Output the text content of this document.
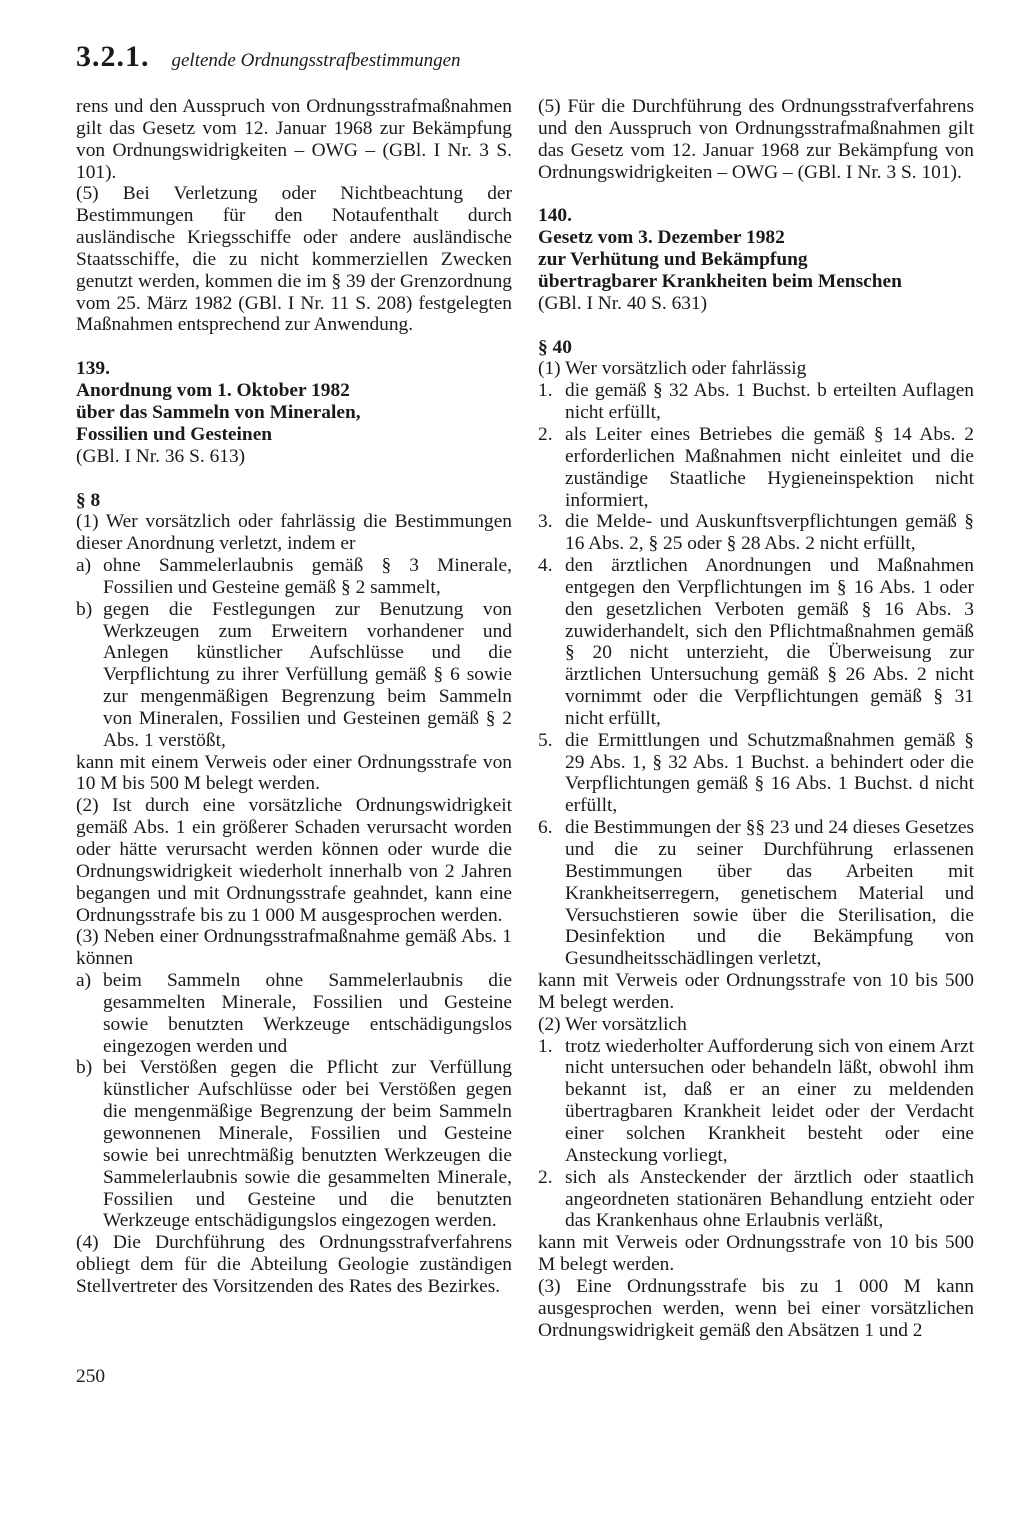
3.2.1. geltende Ordnungsstrafbestimmungen

rens und den Ausspruch von Ordnungsstrafmaßnahmen gilt das Gesetz vom 12. Januar 1968 zur Bekämpfung von Ordnungswidrigkeiten – OWG – (GBl. I Nr. 3 S. 101).

(5) Bei Verletzung oder Nichtbeachtung der Bestimmungen für den Notaufenthalt durch ausländische Kriegsschiffe oder andere ausländische Staatsschiffe, die zu nicht kommerziellen Zwecken genutzt werden, kommen die im § 39 der Grenzordnung vom 25. März 1982 (GBl. I Nr. 11 S. 208) festgelegten Maßnahmen entsprechend zur Anwendung.

139.
Anordnung vom 1. Oktober 1982
über das Sammeln von Mineralen,
Fossilien und Gesteinen
(GBl. I Nr. 36 S. 613)
§ 8

(1) Wer vorsätzlich oder fahrlässig die Bestimmungen dieser Anordnung verletzt, indem er

a) ohne Sammelerlaubnis gemäß § 3 Minerale, Fossilien und Gesteine gemäß § 2 sammelt,
b) gegen die Festlegungen zur Benutzung von Werkzeugen zum Erweitern vorhandener und Anlegen künstlicher Aufschlüsse und die Verpflichtung zu ihrer Verfüllung gemäß § 6 sowie zur mengenmäßigen Begrenzung beim Sammeln von Mineralen, Fossilien und Gesteinen gemäß § 2 Abs. 1 verstößt,

kann mit einem Verweis oder einer Ordnungsstrafe von 10 M bis 500 M belegt werden.

(2) Ist durch eine vorsätzliche Ordnungswidrigkeit gemäß Abs. 1 ein größerer Schaden verursacht worden oder hätte verursacht werden können oder wurde die Ordnungswidrigkeit wiederholt innerhalb von 2 Jahren begangen und mit Ordnungsstrafe geahndet, kann eine Ordnungsstrafe bis zu 1 000 M ausgesprochen werden.

(3) Neben einer Ordnungsstrafmaßnahme gemäß Abs. 1 können

a) beim Sammeln ohne Sammelerlaubnis die gesammelten Minerale, Fossilien und Gesteine sowie benutzten Werkzeuge entschädigungslos eingezogen werden und
b) bei Verstößen gegen die Pflicht zur Verfüllung künstlicher Aufschlüsse oder bei Verstößen gegen die mengenmäßige Begrenzung der beim Sammeln gewonnenen Minerale, Fossilien und Gesteine sowie bei unrechtmäßig benutzten Werkzeugen die Sammelerlaubnis sowie die gesammelten Minerale, Fossilien und Gesteine und die benutzten Werkzeuge entschädigungslos eingezogen werden.

(4) Die Durchführung des Ordnungsstrafverfahrens obliegt dem für die Abteilung Geologie zuständigen Stellvertreter des Vorsitzenden des Rates des Bezirkes.

(5) Für die Durchführung des Ordnungsstrafverfahrens und den Ausspruch von Ordnungsstrafmaßnahmen gilt das Gesetz vom 12. Januar 1968 zur Bekämpfung von Ordnungswidrigkeiten – OWG – (GBl. I Nr. 3 S. 101).

140.
Gesetz vom 3. Dezember 1982
zur Verhütung und Bekämpfung
übertragbarer Krankheiten beim Menschen
(GBl. I Nr. 40 S. 631)
§ 40

(1) Wer vorsätzlich oder fahrlässig

1. die gemäß § 32 Abs. 1 Buchst. b erteilten Auflagen nicht erfüllt,
2. als Leiter eines Betriebes die gemäß § 14 Abs. 2 erforderlichen Maßnahmen nicht einleitet und die zuständige Staatliche Hygieneinspektion nicht informiert,
3. die Melde- und Auskunftsverpflichtungen gemäß § 16 Abs. 2, § 25 oder § 28 Abs. 2 nicht erfüllt,
4. den ärztlichen Anordnungen und Maßnahmen entgegen den Verpflichtungen im § 16 Abs. 1 oder den gesetzlichen Verboten gemäß § 16 Abs. 3 zuwiderhandelt, sich den Pflichtmaßnahmen gemäß § 20 nicht unterzieht, die Überweisung zur ärztlichen Untersuchung gemäß § 26 Abs. 2 nicht vornimmt oder die Verpflichtungen gemäß § 31 nicht erfüllt,
5. die Ermittlungen und Schutzmaßnahmen gemäß § 29 Abs. 1, § 32 Abs. 1 Buchst. a behindert oder die Verpflichtungen gemäß § 16 Abs. 1 Buchst. d nicht erfüllt,
6. die Bestimmungen der §§ 23 und 24 dieses Gesetzes und die zu seiner Durchführung erlassenen Bestimmungen über das Arbeiten mit Krankheitserregern, genetischem Material und Versuchstieren sowie über die Sterilisation, die Desinfektion und die Bekämpfung von Gesundheitsschädlingen verletzt,

kann mit Verweis oder Ordnungsstrafe von 10 bis 500 M belegt werden.

(2) Wer vorsätzlich

1. trotz wiederholter Aufforderung sich von einem Arzt nicht untersuchen oder behandeln läßt, obwohl ihm bekannt ist, daß er an einer zu meldenden übertragbaren Krankheit leidet oder der Verdacht einer solchen Krankheit besteht oder eine Ansteckung vorliegt,
2. sich als Ansteckender der ärztlich oder staatlich angeordneten stationären Behandlung entzieht oder das Krankenhaus ohne Erlaubnis verläßt,

kann mit Verweis oder Ordnungsstrafe von 10 bis 500 M belegt werden.

(3) Eine Ordnungsstrafe bis zu 1 000 M kann ausgesprochen werden, wenn bei einer vorsätzlichen Ordnungswidrigkeit gemäß den Absätzen 1 und 2

250
